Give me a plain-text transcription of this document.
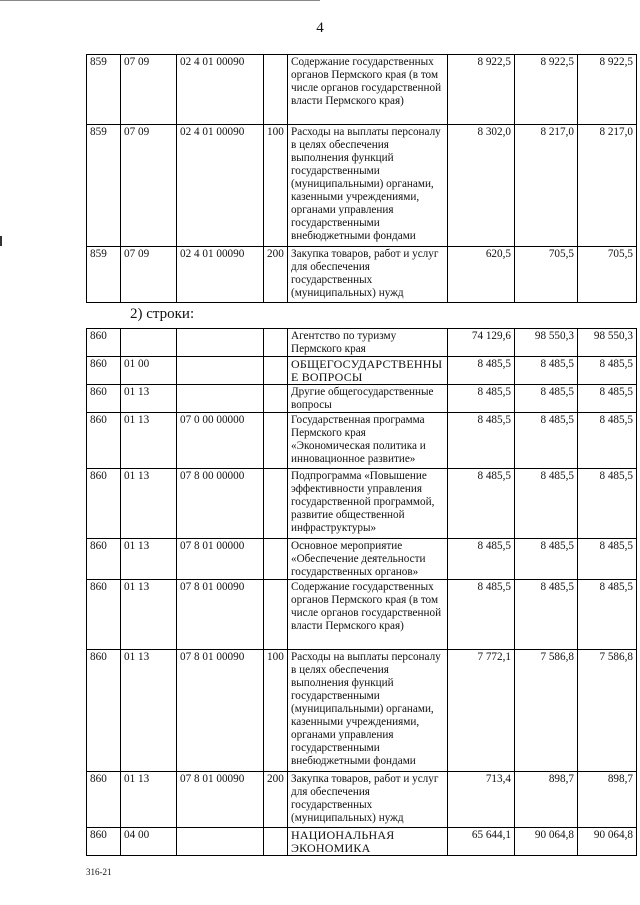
4
859	07 09	02 4 01 00090		Содержание государственных органов Пермского края (в том числе органов государственной власти Пермского края)	8 922,5	8 922,5	8 922,5
859	07 09	02 4 01 00090	100	Расходы на выплаты персоналу в целях обеспечения выполнения функций государственными (муниципальными) органами, казенными учреждениями, органами управления государственными внебюджетными фондами	8 302,0	8 217,0	8 217,0
859	07 09	02 4 01 00090	200	Закупка товаров, работ и услуг для обеспечения государственных (муниципальных) нужд	620,5	705,5	705,5
2) строки:
860				Агентство по туризму Пермского края	74 129,6	98 550,3	98 550,3
860	01 00			ОБЩЕГОСУДАРСТВЕННЫЕ ВОПРОСЫ	8 485,5	8 485,5	8 485,5
860	01 13			Другие общегосударственные вопросы	8 485,5	8 485,5	8 485,5
860	01 13	07 0 00 00000		Государственная программа Пермского края «Экономическая политика и инновационное развитие»	8 485,5	8 485,5	8 485,5
860	01 13	07 8 00 00000		Подпрограмма «Повышение эффективности управления государственной программой, развитие общественной инфраструктуры»	8 485,5	8 485,5	8 485,5
860	01 13	07 8 01 00000		Основное мероприятие «Обеспечение деятельности государственных органов»	8 485,5	8 485,5	8 485,5
860	01 13	07 8 01 00090		Содержание государственных органов Пермского края (в том числе органов государственной власти Пермского края)	8 485,5	8 485,5	8 485,5
860	01 13	07 8 01 00090	100	Расходы на выплаты персоналу в целях обеспечения выполнения функций государственными (муниципальными) органами, казенными учреждениями, органами управления государственными внебюджетными фондами	7 772,1	7 586,8	7 586,8
860	01 13	07 8 01 00090	200	Закупка товаров, работ и услуг для обеспечения государственных (муниципальных) нужд	713,4	898,7	898,7
860	04 00			НАЦИОНАЛЬНАЯ ЭКОНОМИКА	65 644,1	90 064,8	90 064,8
316-21
